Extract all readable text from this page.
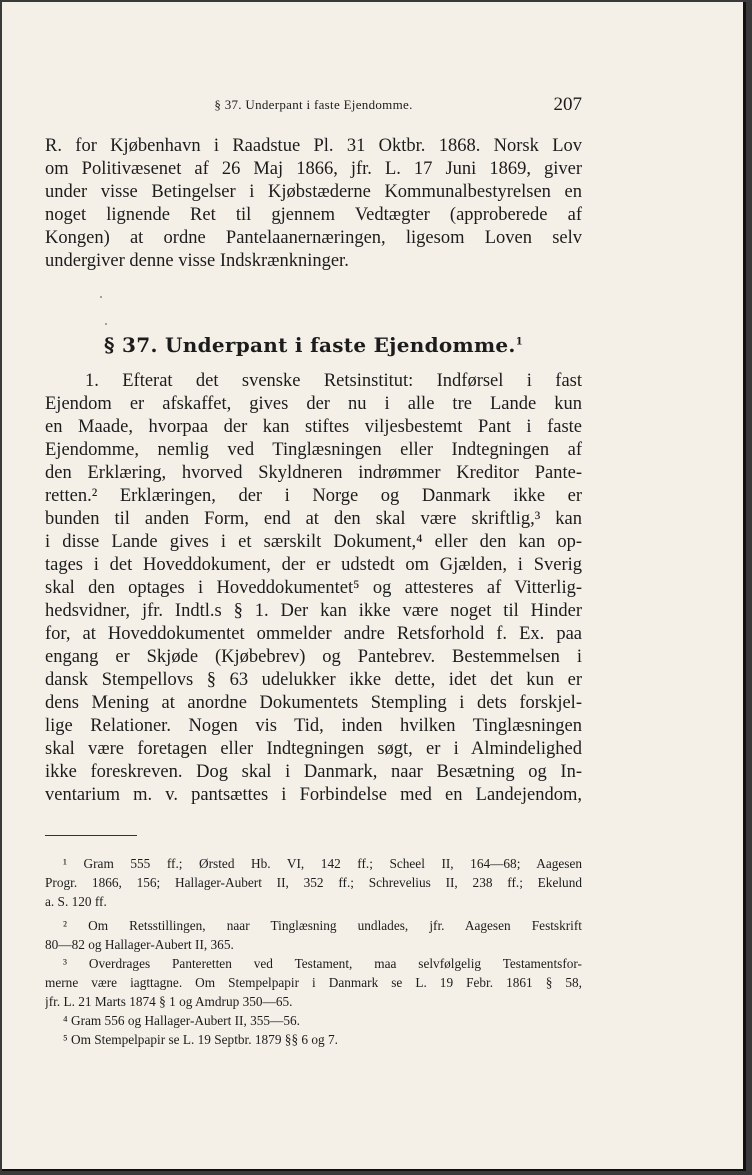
§ 37. Underpant i faste Ejendomme.	207
R. for Kjøbenhavn i Raadstue Pl. 31 Oktbr. 1868. Norsk Lov
om Politivæsenet af 26 Maj 1866, jfr. L. 17 Juni 1869, giver
under visse Betingelser i Kjøbstæderne Kommunalbestyrelsen en
noget lignende Ret til gjennem Vedtægter (approberede af
Kongen) at ordne Pantelaanernæringen, ligesom Loven selv
undergiver denne visse Indskrænkninger.
§ 37. Underpant i faste Ejendomme.$^1$
1. Efterat det svenske Retsinstitut: Indførsel i fast
Ejendom er afskaffet, gives der nu i alle tre Lande kun
en Maade, hvorpaa der kan stiftes viljesbestemt Pant i faste
Ejendomme, nemlig ved Tinglæsningen eller Indtegningen af
den Erklæring, hvorved Skyldneren indrømmer Kreditor Pante-
retten.² Erklæringen, der i Norge og Danmark ikke er
bunden til anden Form, end at den skal være skriftlig,³ kan
i disse Lande gives i et særskilt Dokument,⁴ eller den kan op-
tages i det Hoveddokument, der er udstedt om Gjælden, i Sverig
skal den optages i Hoveddokumentet⁵ og attesteres af Vitterlig-
hedsvidner, jfr. Indtl.s § 1. Der kan ikke være noget til Hinder
for, at Hoveddokumentet ommelder andre Retsforhold f. Ex. paa
engang er Skjøde (Kjøbebrev) og Pantebrev. Bestemmelsen i
dansk Stempellovs § 63 udelukker ikke dette, idet det kun er
dens Mening at anordne Dokumentets Stempling i dets forskjel-
lige Relationer. Nogen vis Tid, inden hvilken Tinglæsningen
skal være foretagen eller Indtegningen søgt, er i Almindelighed
ikke foreskreven. Dog skal i Danmark, naar Besætning og In-
ventarium m. v. pantsættes i Forbindelse med en Landejendom,
¹ Gram 555 ff.; Ørsted Hb. VI, 142 ff.; Scheel II, 164—68; Aagesen
Progr. 1866, 156; Hallager-Aubert II, 352 ff.; Schrevelius II, 238 ff.; Ekelund
a. S. 120 ff.
² Om Retsstillingen, naar Tinglæsning undlades, jfr. Aagesen Festskrift
80—82 og Hallager-Aubert II, 365.
³ Overdrages Panteretten ved Testament, maa selvfølgelig Testamentsfor-
merne være iagttagne. Om Stempelpapir i Danmark se L. 19 Febr. 1861 § 58,
jfr. L. 21 Marts 1874 § 1 og Amdrup 350—65.
⁴ Gram 556 og Hallager-Aubert II, 355—56.
⁵ Om Stempelpapir se L. 19 Septbr. 1879 §§ 6 og 7.
